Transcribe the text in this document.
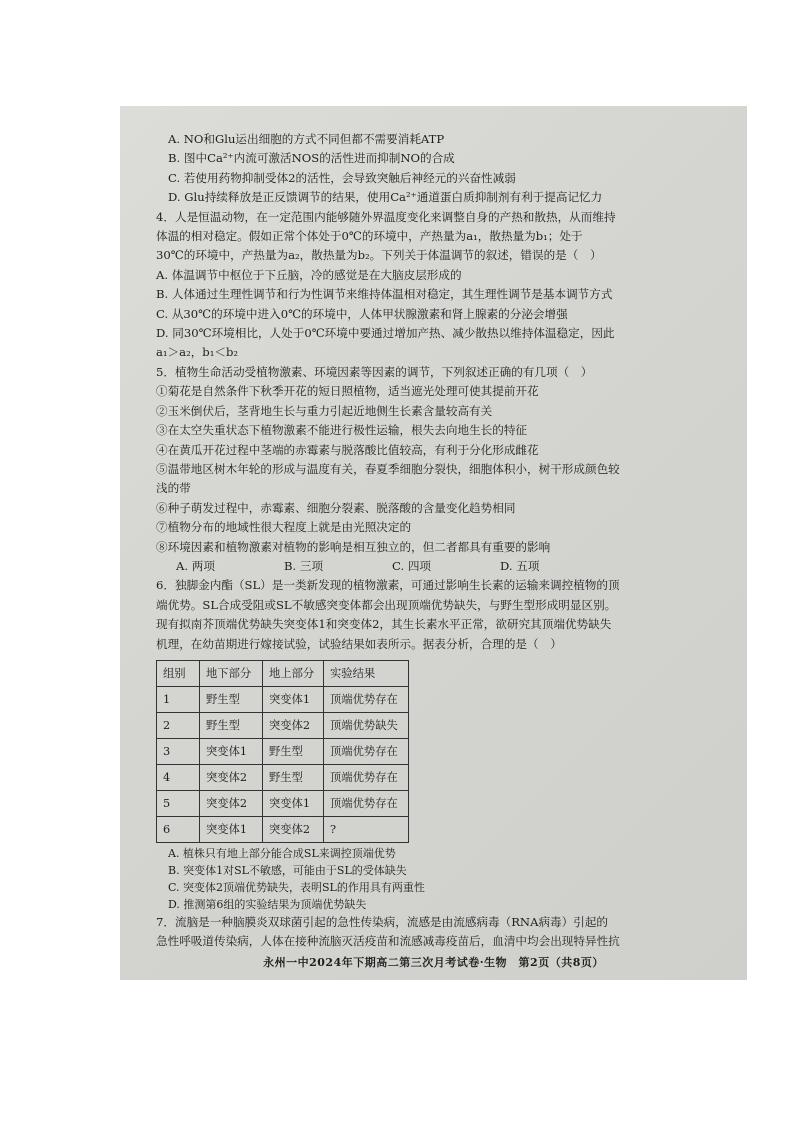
A. NO和Glu运出细胞的方式不同但都不需要消耗ATP
B. 图中Ca²⁺内流可激活NOS的活性进而抑制NO的合成
C. 若使用药物抑制受体2的活性，会导致突触后神经元的兴奋性减弱
D. Glu持续释放是正反馈调节的结果，使用Ca²⁺通道蛋白质抑制剂有利于提高记忆力
4．人是恒温动物，在一定范围内能够随外界温度变化来调整自身的产热和散热，从而维持
体温的相对稳定。假如正常个体处于0℃的环境中，产热量为a₁，散热量为b₁；处于
30℃的环境中，产热量为a₂，散热量为b₂。下列关于体温调节的叙述，错误的是（　）
A. 体温调节中枢位于下丘脑，冷的感觉是在大脑皮层形成的
B. 人体通过生理性调节和行为性调节来维持体温相对稳定，其生理性调节是基本调节方式
C. 从30℃的环境中进入0℃的环境中，人体甲状腺激素和肾上腺素的分泌会增强
D. 同30℃环境相比，人处于0℃环境中要通过增加产热、减少散热以维持体温稳定，因此
a₁＞a₂，b₁＜b₂
5．植物生命活动受植物激素、环境因素等因素的调节，下列叙述正确的有几项（　）
①菊花是自然条件下秋季开花的短日照植物，适当遮光处理可使其提前开花
②玉米倒伏后，茎背地生长与重力引起近地侧生长素含量较高有关
③在太空失重状态下植物激素不能进行极性运输，根失去向地生长的特征
④在黄瓜开花过程中茎端的赤霉素与脱落酸比值较高，有利于分化形成雌花
⑤温带地区树木年轮的形成与温度有关，春夏季细胞分裂快，细胞体积小，树干形成颜色较
浅的带
⑥种子萌发过程中，赤霉素、细胞分裂素、脱落酸的含量变化趋势相同
⑦植物分布的地域性很大程度上就是由光照决定的
⑧环境因素和植物激素对植物的影响是相互独立的，但二者都具有重要的影响
A. 两项	B. 三项	C. 四项	D. 五项
6．独脚金内酯（SL）是一类新发现的植物激素，可通过影响生长素的运输来调控植物的顶
端优势。SL合成受阻或SL不敏感突变体都会出现顶端优势缺失，与野生型形成明显区别。
现有拟南芥顶端优势缺失突变体1和突变体2，其生长素水平正常，欲研究其顶端优势缺失
机理，在幼苗期进行嫁接试验，试验结果如表所示。据表分析，合理的是（　）
组别	地下部分	地上部分	实验结果
1	野生型	突变体1	顶端优势存在
2	野生型	突变体2	顶端优势缺失
3	突变体1	野生型	顶端优势存在
4	突变体2	野生型	顶端优势存在
5	突变体2	突变体1	顶端优势存在
6	突变体1	突变体2	?
A. 植株只有地上部分能合成SL来调控顶端优势
B. 突变体1对SL不敏感，可能由于SL的受体缺失
C. 突变体2顶端优势缺失，表明SL的作用具有两重性
D. 推测第6组的实验结果为顶端优势缺失
7．流脑是一种脑膜炎双球菌引起的急性传染病，流感是由流感病毒（RNA病毒）引起的
急性呼吸道传染病，人体在接种流脑灭活疫苗和流感减毒疫苗后，血清中均会出现特异性抗
永州一中2024年下期高二第三次月考试卷·生物　第2页（共8页）
